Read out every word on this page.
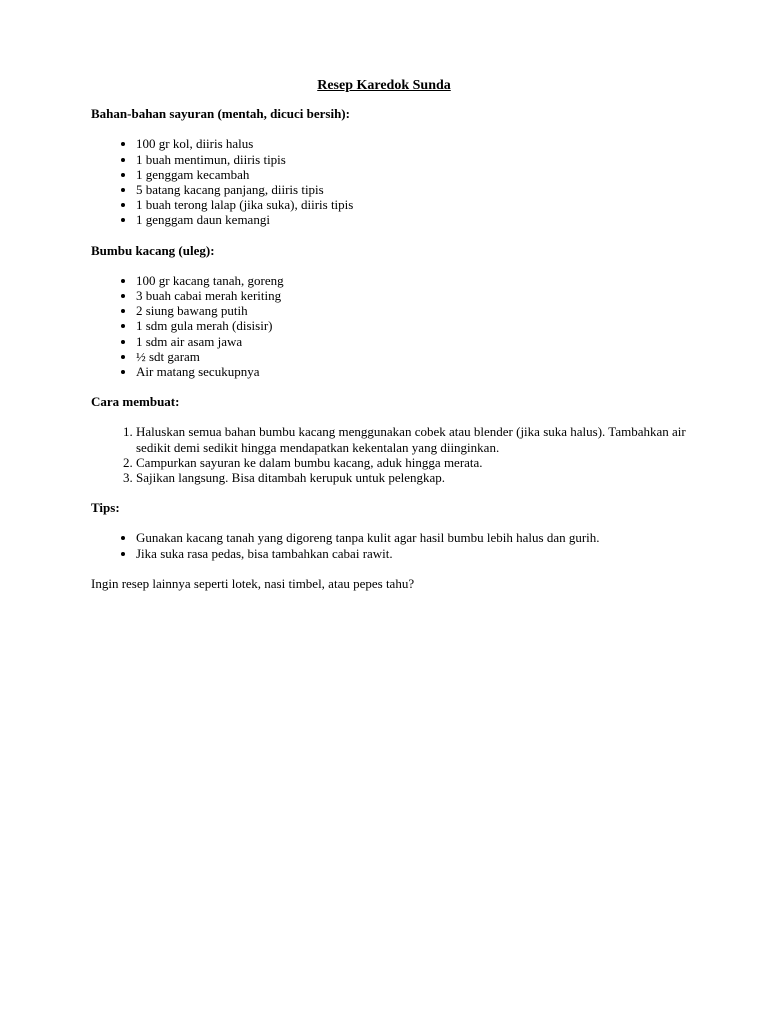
Resep Karedok Sunda
Bahan-bahan sayuran (mentah, dicuci bersih):
• 100 gr kol, diiris halus
• 1 buah mentimun, diiris tipis
• 1 genggam kecambah
• 5 batang kacang panjang, diiris tipis
• 1 buah terong lalap (jika suka), diiris tipis
• 1 genggam daun kemangi
Bumbu kacang (uleg):
• 100 gr kacang tanah, goreng
• 3 buah cabai merah keriting
• 2 siung bawang putih
• 1 sdm gula merah (disisir)
• 1 sdm air asam jawa
• ½ sdt garam
• Air matang secukupnya
Cara membuat:
1. Haluskan semua bahan bumbu kacang menggunakan cobek atau blender (jika suka halus). Tambahkan air sedikit demi sedikit hingga mendapatkan kekentalan yang diinginkan.
2. Campurkan sayuran ke dalam bumbu kacang, aduk hingga merata.
3. Sajikan langsung. Bisa ditambah kerupuk untuk pelengkap.
Tips:
• Gunakan kacang tanah yang digoreng tanpa kulit agar hasil bumbu lebih halus dan gurih.
• Jika suka rasa pedas, bisa tambahkan cabai rawit.

Ingin resep lainnya seperti lotek, nasi timbel, atau pepes tahu?
